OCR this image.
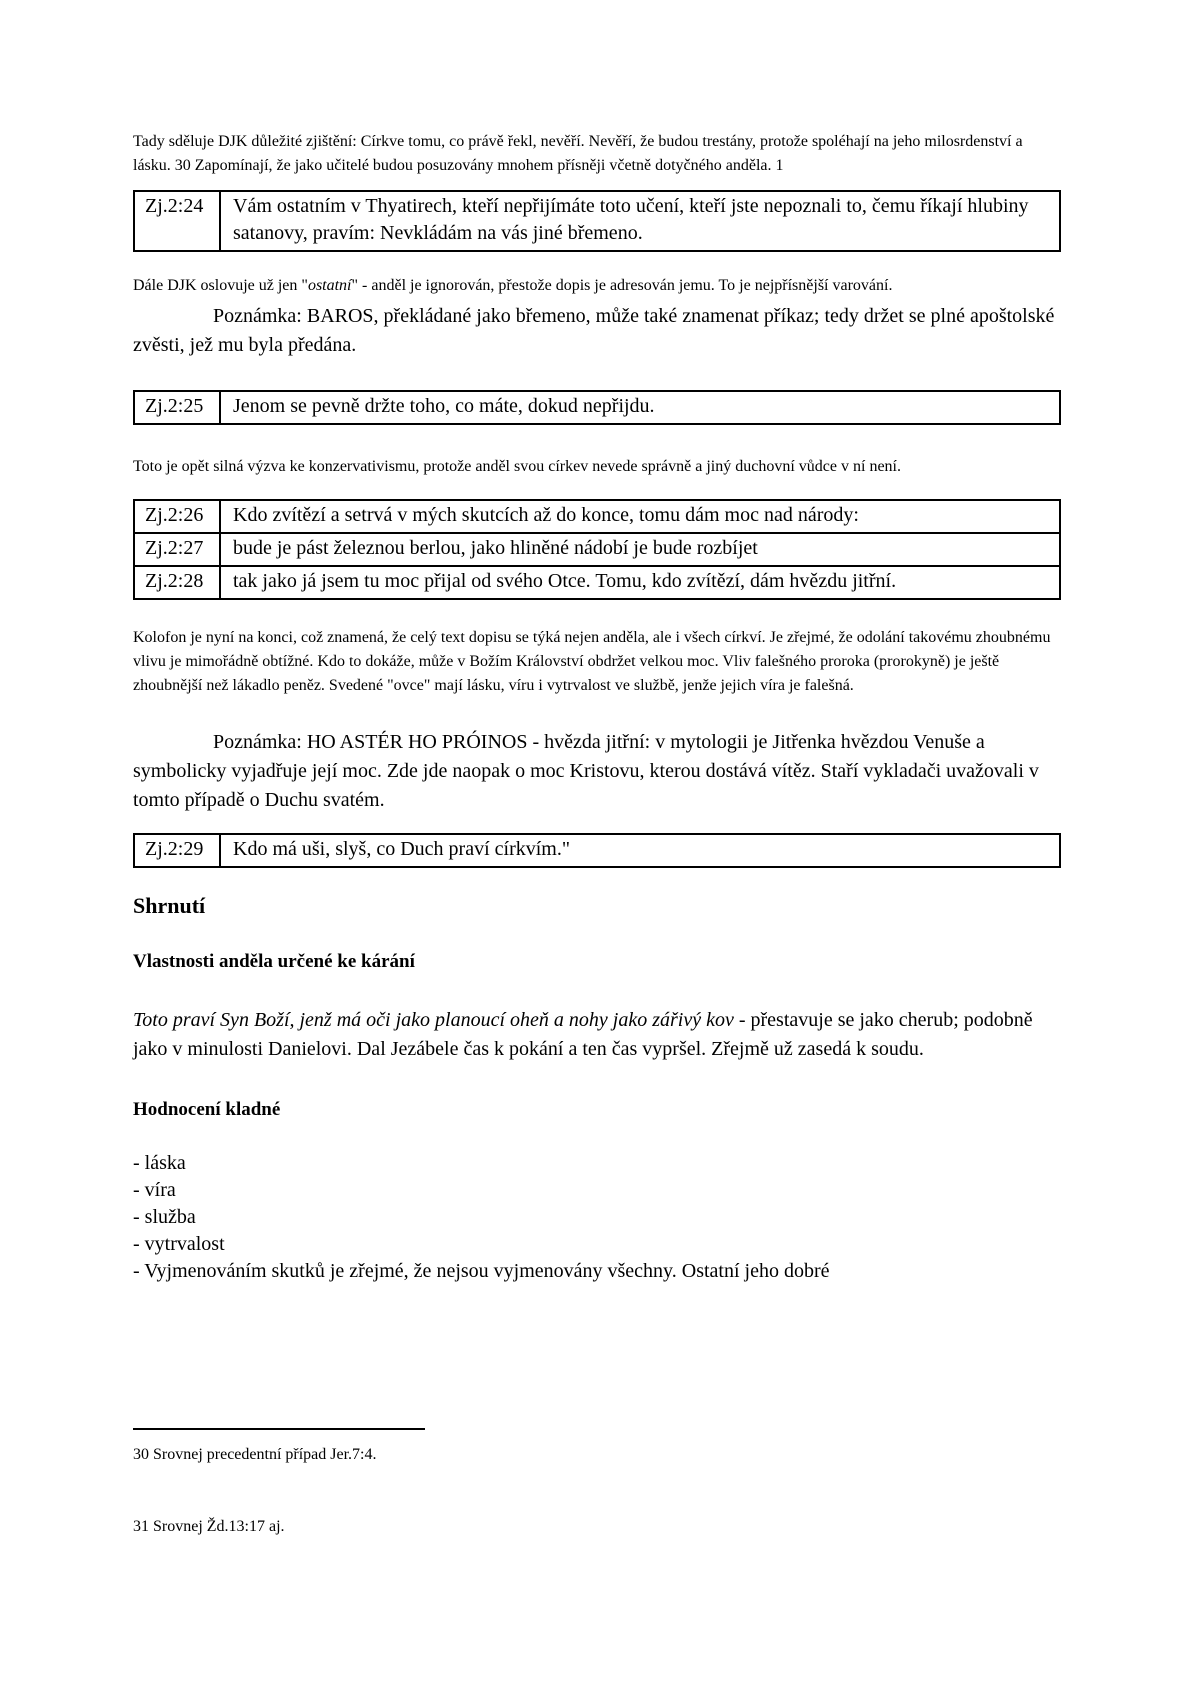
Tady sděluje DJK důležité zjištění: Církve tomu, co právě řekl, nevěří. Nevěří, že budou trestány, protože spoléhají na jeho milosrdenství a lásku. 30 Zapomínají, že jako učitelé budou posuzovány mnohem přísněji včetně dotyčného anděla. 1

Zj.2:24	Vám ostatním v Thyatirech, kteří nepřijímáte toto učení, kteří jste nepoznali to, čemu říkají hlubiny satanovy, pravím: Nevkládám na vás jiné břemeno.

Dále DJK oslovuje už jen "ostatní" - anděl je ignorován, přestože dopis je adresován jemu. To je nejpřísnější varování.

Poznámka: BAROS, překládané jako břemeno, může také znamenat příkaz; tedy držet se plné apoštolské zvěsti, jež mu byla předána.

Zj.2:25	Jenom se pevně držte toho, co máte, dokud nepřijdu.

Toto je opět silná výzva ke konzervativismu, protože anděl svou církev nevede správně a jiný duchovní vůdce v ní není.

Zj.2:26	Kdo zvítězí a setrvá v mých skutcích až do konce, tomu dám moc nad národy:
Zj.2:27	bude je pást železnou berlou, jako hliněné nádobí je bude rozbíjet
Zj.2:28	tak jako já jsem tu moc přijal od svého Otce. Tomu, kdo zvítězí, dám hvězdu jitřní.

Kolofon je nyní na konci, což znamená, že celý text dopisu se týká nejen anděla, ale i všech církví. Je zřejmé, že odolání takovému zhoubnému vlivu je mimořádně obtížné. Kdo to dokáže, může v Božím Království obdržet velkou moc. Vliv falešného proroka (prorokyně) je ještě zhoubnější než lákadlo peněz. Svedené "ovce" mají lásku, víru i vytrvalost ve službě, jenže jejich víra je falešná.

Poznámka: HO ASTÉR HO PRÓINOS - hvězda jitřní: v mytologii je Jitřenka hvězdou Venuše a symbolicky vyjadřuje její moc. Zde jde naopak o moc Kristovu, kterou dostává vítěz. Staří vykladači uvažovali v tomto případě o Duchu svatém.

Zj.2:29	Kdo má uši, slyš, co Duch praví církvím."
Shrnutí
Vlastnosti anděla určené ke kárání

Toto praví Syn Boží, jenž má oči jako planoucí oheň a nohy jako zářivý kov - přestavuje se jako cherub; podobně jako v minulosti Danielovi. Dal Jezábele čas k pokání a ten čas vypršel. Zřejmě už zasedá k soudu.

Hodnocení kladné

- láska

- víra

- služba

- vytrvalost

- Vyjmenováním skutků je zřejmé, že nejsou vyjmenovány všechny. Ostatní jeho dobré

30 Srovnej precedentní případ Jer.7:4.

31 Srovnej Žd.13:17 aj.
